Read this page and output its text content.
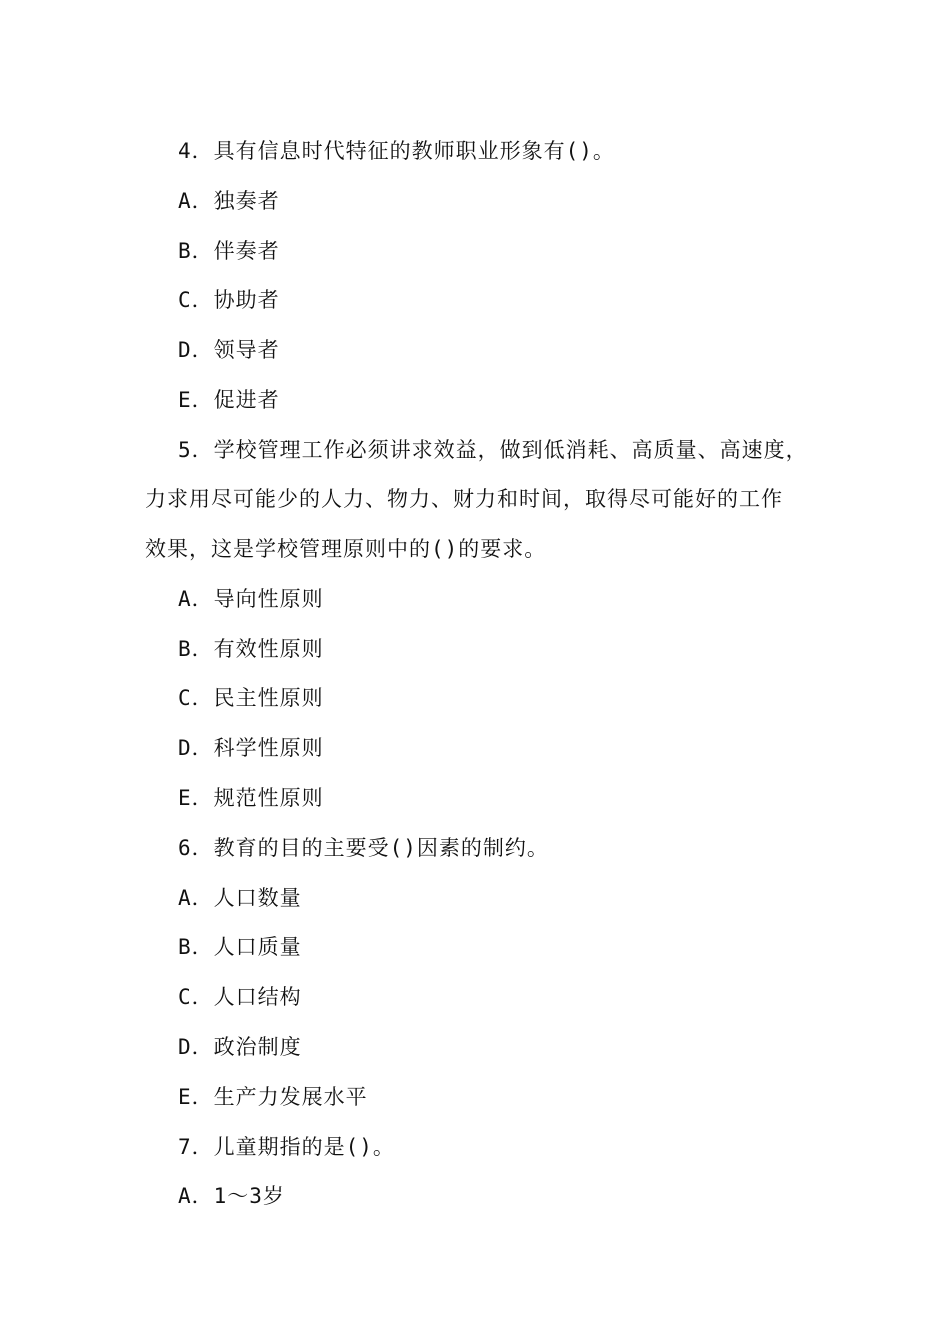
4．具有信息时代特征的教师职业形象有()。
A．独奏者
B．伴奏者
C．协助者
D．领导者
E．促进者
5．学校管理工作必须讲求效益，做到低消耗、高质量、高速度，
力求用尽可能少的人力、物力、财力和时间，取得尽可能好的工作
效果，这是学校管理原则中的()的要求。
A．导向性原则
B．有效性原则
C．民主性原则
D．科学性原则
E．规范性原则
6．教育的目的主要受()因素的制约。
A．人口数量
B．人口质量
C．人口结构
D．政治制度
E．生产力发展水平
7．儿童期指的是()。
A．1～3岁
